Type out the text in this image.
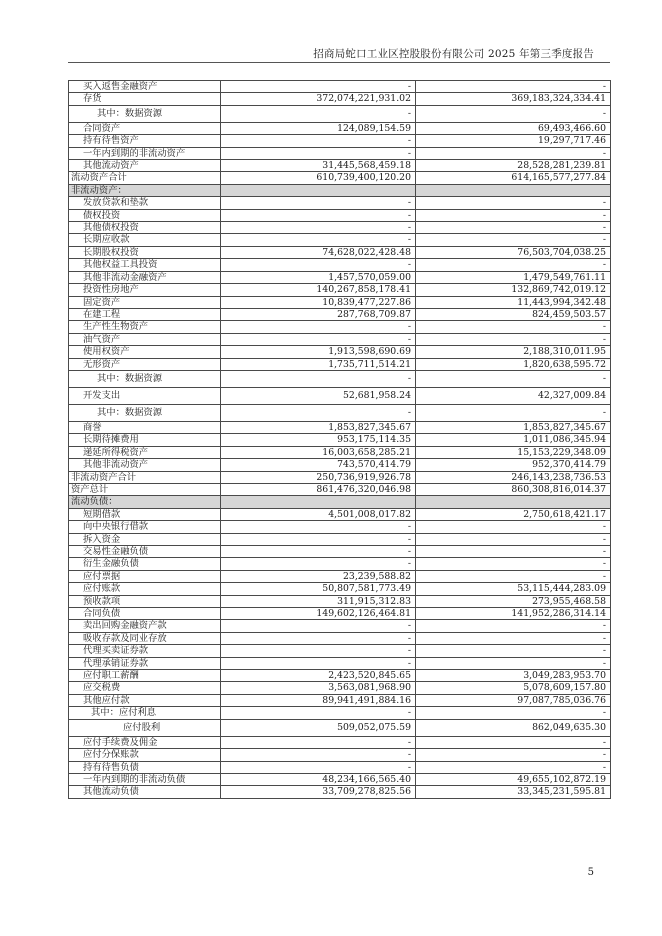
招商局蛇口工业区控股股份有限公司 2025 年第三季度报告
买入返售金融资产	-	-
存货	372,074,221,931.02	369,183,324,334.41
其中：数据资源	-	-
合同资产	124,089,154.59	69,493,466.60
持有待售资产	-	19,297,717.46
一年内到期的非流动资产	-	-
其他流动资产	31,445,568,459.18	28,528,281,239.81
流动资产合计	610,739,400,120.20	614,165,577,277.84
非流动资产：		
发放贷款和垫款	-	-
债权投资	-	-
其他债权投资	-	-
长期应收款	-	-
长期股权投资	74,628,022,428.48	76,503,704,038.25
其他权益工具投资	-	-
其他非流动金融资产	1,457,570,059.00	1,479,549,761.11
投资性房地产	140,267,858,178.41	132,869,742,019.12
固定资产	10,839,477,227.86	11,443,994,342.48
在建工程	287,768,709.87	824,459,503.57
生产性生物资产	-	-
油气资产	-	-
使用权资产	1,913,598,690.69	2,188,310,011.95
无形资产	1,735,711,514.21	1,820,638,595.72
其中：数据资源	-	-
开发支出	52,681,958.24	42,327,009.84
其中：数据资源	-	-
商誉	1,853,827,345.67	1,853,827,345.67
长期待摊费用	953,175,114.35	1,011,086,345.94
递延所得税资产	16,003,658,285.21	15,153,229,348.09
其他非流动资产	743,570,414.79	952,370,414.79
非流动资产合计	250,736,919,926.78	246,143,238,736.53
资产总计	861,476,320,046.98	860,308,816,014.37
流动负债：		
短期借款	4,501,008,017.82	2,750,618,421.17
向中央银行借款	-	-
拆入资金	-	-
交易性金融负债	-	-
衍生金融负债	-	-
应付票据	23,239,588.82	-
应付账款	50,807,581,773.49	53,115,444,283.09
预收款项	311,915,312.83	273,955,468.58
合同负债	149,602,126,464.81	141,952,286,314.14
卖出回购金融资产款	-	-
吸收存款及同业存放	-	-
代理买卖证券款	-	-
代理承销证券款	-	-
应付职工薪酬	2,423,520,845.65	3,049,283,953.70
应交税费	3,563,081,968.90	5,078,609,157.80
其他应付款	89,941,491,884.16	97,087,785,036.76
其中：应付利息	-	-
应付股利	509,052,075.59	862,049,635.30
应付手续费及佣金	-	-
应付分保账款	-	-
持有待售负债	-	-
一年内到期的非流动负债	48,234,166,565.40	49,655,102,872.19
其他流动负债	33,709,278,825.56	33,345,231,595.81
5
